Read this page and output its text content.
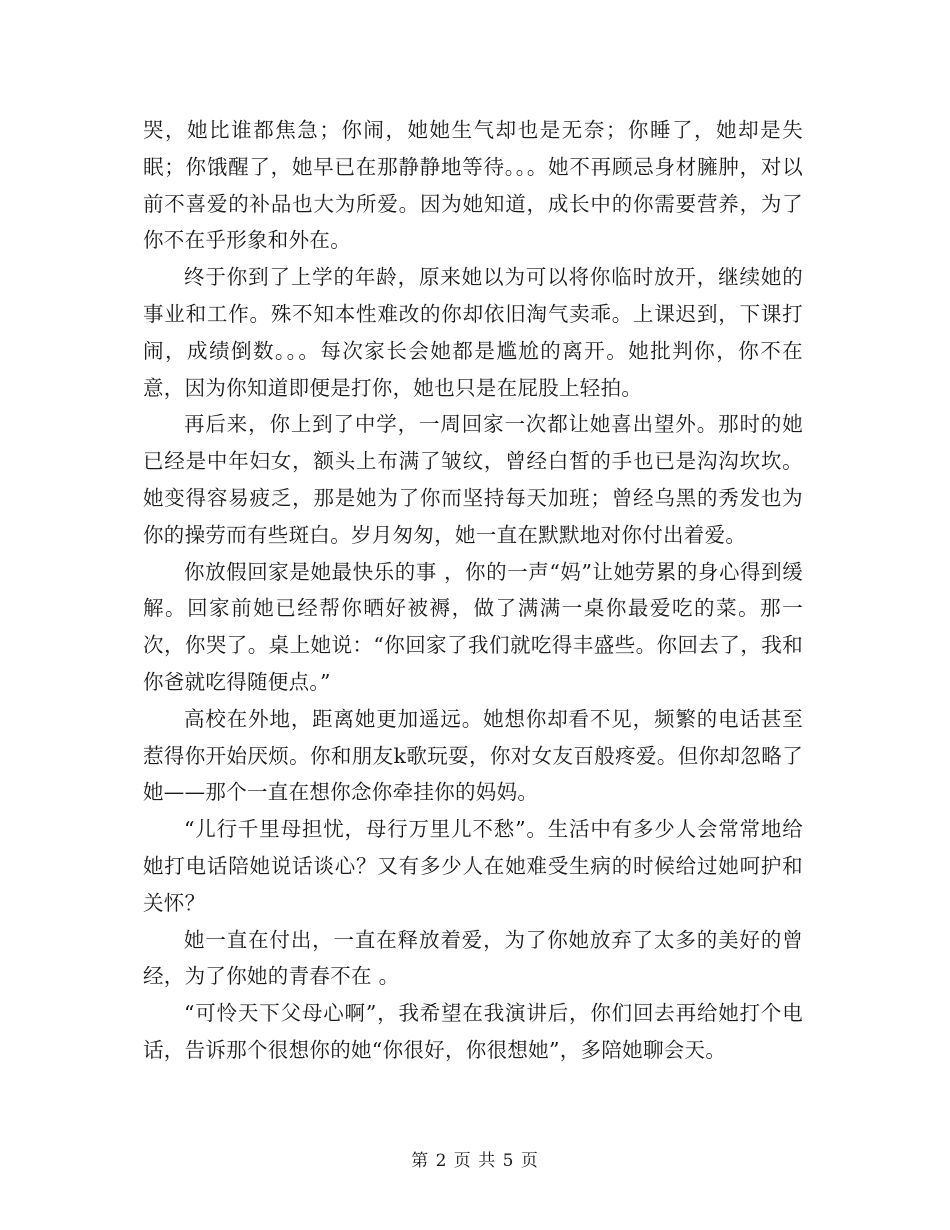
哭，她比谁都焦急；你闹，她她生气却也是无奈；你睡了，她却是失眠；你饿醒了，她早已在那静静地等待。。。她不再顾忌身材臃肿，对以前不喜爱的补品也大为所爱。因为她知道，成长中的你需要营养，为了你不在乎形象和外在。

终于你到了上学的年龄，原来她以为可以将你临时放开，继续她的事业和工作。殊不知本性难改的你却依旧淘气卖乖。上课迟到，下课打闹，成绩倒数。。。每次家长会她都是尴尬的离开。她批判你，你不在意，因为你知道即便是打你，她也只是在屁股上轻拍。

再后来，你上到了中学，一周回家一次都让她喜出望外。那时的她已经是中年妇女，额头上布满了皱纹，曾经白皙的手也已是沟沟坎坎。她变得容易疲乏，那是她为了你而坚持每天加班；曾经乌黑的秀发也为你的操劳而有些斑白。岁月匆匆，她一直在默默地对你付出着爱。

你放假回家是她最快乐的事 ，你的一声“妈”让她劳累的身心得到缓解。回家前她已经帮你晒好被褥，做了满满一桌你最爱吃的菜。那一次，你哭了。桌上她说：“你回家了我们就吃得丰盛些。你回去了，我和你爸就吃得随便点。”

高校在外地，距离她更加遥远。她想你却看不见，频繁的电话甚至惹得你开始厌烦。你和朋友k歌玩耍，你对女友百般疼爱。但你却忽略了她——那个一直在想你念你牵挂你的妈妈。

“儿行千里母担忧，母行万里儿不愁”。生活中有多少人会常常地给她打电话陪她说话谈心？又有多少人在她难受生病的时候给过她呵护和关怀？

她一直在付出，一直在释放着爱，为了你她放弃了太多的美好的曾经，为了你她的青春不在 。

“可怜天下父母心啊”，我希望在我演讲后，你们回去再给她打个电话，告诉那个很想你的她“你很好，你很想她”，多陪她聊会天。

第 2 页 共 5 页
